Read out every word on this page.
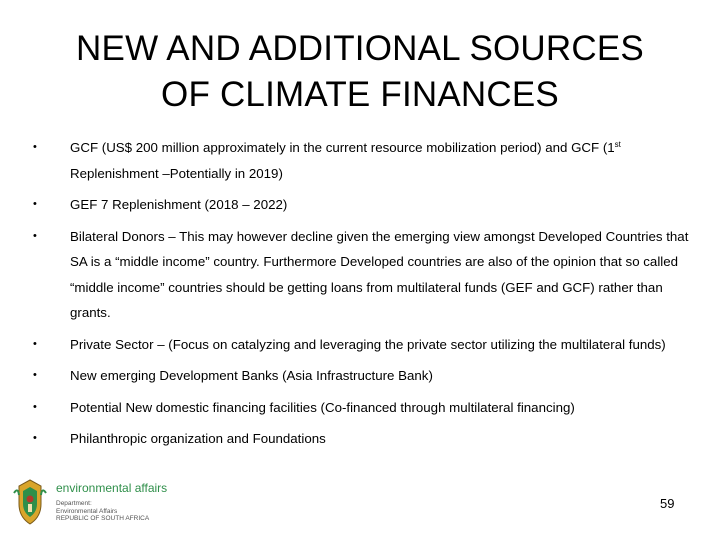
NEW AND ADDITIONAL SOURCES
OF CLIMATE FINANCES
• GCF (US$ 200 million approximately in the current resource mobilization period) and GCF (1st Replenishment –Potentially in 2019)
• GEF 7 Replenishment (2018 – 2022)
• Bilateral Donors – This may however decline given the emerging view amongst Developed Countries that SA is a “middle income” country. Furthermore Developed countries are also of the opinion that so called “middle income” countries should be getting loans from multilateral funds (GEF and GCF) rather than grants.
• Private Sector – (Focus on catalyzing and leveraging the private sector utilizing the multilateral funds)
• New emerging Development Banks (Asia Infrastructure Bank)
• Potential New domestic financing facilities (Co-financed through multilateral financing)
• Philanthropic organization and Foundations
environmental affairs
Department:
Environmental Affairs
REPUBLIC OF SOUTH AFRICA
59
